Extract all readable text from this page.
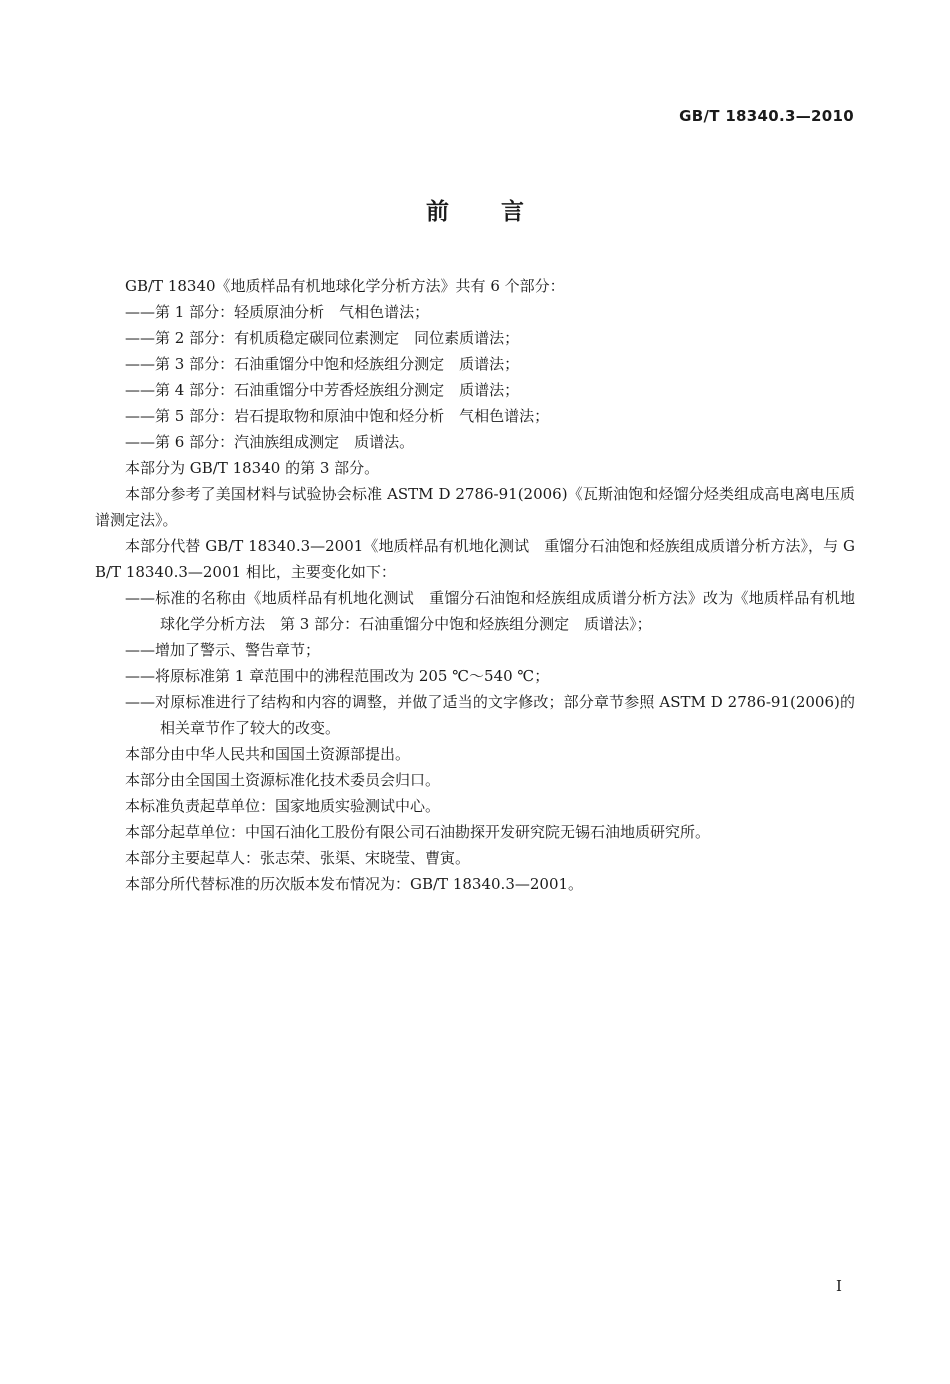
GB/T 18340.3—2010
前言

GB/T 18340《地质样品有机地球化学分析方法》共有 6 个部分：

——第 1 部分：轻质原油分析　气相色谱法；

——第 2 部分：有机质稳定碳同位素测定　同位素质谱法；

——第 3 部分：石油重馏分中饱和烃族组分测定　质谱法；

——第 4 部分：石油重馏分中芳香烃族组分测定　质谱法；

——第 5 部分：岩石提取物和原油中饱和烃分析　气相色谱法；

——第 6 部分：汽油族组成测定　质谱法。

本部分为 GB/T 18340 的第 3 部分。

本部分参考了美国材料与试验协会标准 ASTM D 2786-91(2006)《瓦斯油饱和烃馏分烃类组成高电离电压质谱测定法》。

本部分代替 GB/T 18340.3—2001《地质样品有机地化测试　重馏分石油饱和烃族组成质谱分析方法》，与 GB/T 18340.3—2001 相比，主要变化如下：

——标准的名称由《地质样品有机地化测试　重馏分石油饱和烃族组成质谱分析方法》改为《地质样品有机地球化学分析方法　第 3 部分：石油重馏分中饱和烃族组分测定　质谱法》；

——增加了警示、警告章节；

——将原标准第 1 章范围中的沸程范围改为 205 ℃～540 ℃；

——对原标准进行了结构和内容的调整，并做了适当的文字修改；部分章节参照 ASTM D 2786-91(2006)的相关章节作了较大的改变。

本部分由中华人民共和国国土资源部提出。

本部分由全国国土资源标准化技术委员会归口。

本标准负责起草单位：国家地质实验测试中心。

本部分起草单位：中国石油化工股份有限公司石油勘探开发研究院无锡石油地质研究所。

本部分主要起草人：张志荣、张渠、宋晓莹、曹寅。

本部分所代替标准的历次版本发布情况为：GB/T 18340.3—2001。

I
